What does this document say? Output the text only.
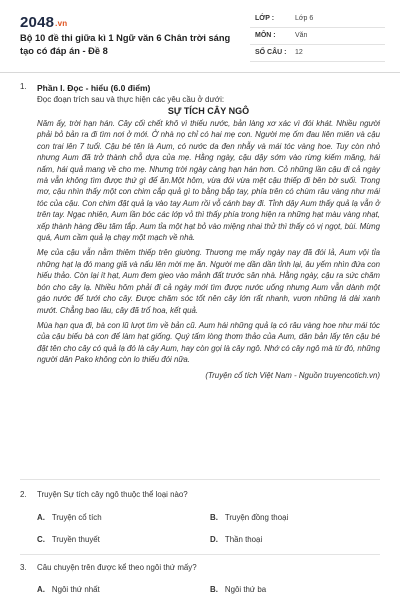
2048.vn
Bộ 10 đề thi giữa kì 1 Ngữ văn 6 Chân trời sáng tạo có đáp án - Đề 8
LỚP :	Lớp 6
MÔN :	Văn
SỐ CÂU : 12
1. Phần I. Đọc - hiểu (6.0 điểm)
Đọc đoạn trích sau và thực hiện các yêu cầu ở dưới:
SỰ TÍCH CÂY NGÔ

Năm ấy, trời hạn hán. Cây cối chết khô vì thiếu nước, bản làng xơ xác vì đói khát. Nhiều người phải bỏ bản ra đi tìm nơi ở mới. Ở nhà nọ chỉ có hai mẹ con. Người mẹ ốm đau liên miên và cậu con trai lên 7 tuổi. Cậu bé tên là Aum, có nước da đen nhẫy và mái tóc vàng hoe. Tuy còn nhỏ nhưng Aum đã trở thành chỗ dựa của mẹ. Hằng ngày, cậu dậy sớm vào rừng kiếm măng, hái nấm, hái quả mang về cho mẹ. Nhưng trời ngày càng hạn hán hơn. Cỏ những lần cậu đi cả ngày mà vẫn không tìm được thứ gì để ăn.Một hôm, vừa đói vừa mệt cậu thiếp đi bên bờ suối. Trong mơ, cậu nhìn thấy một con chim cắp quả gì to bằng bắp tay, phía trên có chùm râu vàng như mái tóc của cậu. Con chim đặt quả lạ vào tay Aum rồi vỗ cánh bay đi. Tỉnh dậy Aum thấy quả lạ vẫn ở trên tay. Ngạc nhiên, Aum lần bóc các lớp vỏ thì thấy phía trong hiện ra những hạt màu vàng nhạt, xếp thành hàng đều tăm tắp. Aum tỉa một hạt bỏ vào miệng nhai thử thì thấy có vị ngọt, bùi. Mừng quá, Aum cầm quả lạ chạy một mạch về nhà.

Mẹ của cậu vẫn nằm thiêm thiếp trên giường. Thương mẹ mấy ngày nay đã đói lả, Aum vội tỉa những hạt lạ đó mang giã và nấu lên mời mẹ ăn. Người mẹ dần dần tỉnh lại, âu yếm nhìn đứa con hiếu thảo. Còn lại ít hạt, Aum đem gieo vào mảnh đất trước sân nhà. Hằng ngày, cậu ra sức chăm bón cho cây lạ. Nhiều hôm phải đi cả ngày mới tìm được nước uống nhưng Aum vẫn dành một gáo nước để tưới cho cây. Được chăm sóc tốt nên cây lớn rất nhanh, vươn những lá dài xanh mướt. Chẳng bao lâu, cây đã trổ hoa, kết quả.

Mùa hạn qua đi, bà con lũ lượt tìm về bản cũ. Aum hái những quả lạ có râu vàng hoe như mái tóc của cậu biếu bà con để làm hạt giống. Quý tấm lòng thơm thảo của Aum, dân bản lấy tên cậu bé đặt tên cho cây có quả lạ đó là cây Aum, hay còn gọi là cây ngô. Nhớ có cây ngô mà từ đó, những người dân Pako không còn lo thiếu đói nữa.

(Truyện cổ tích Việt Nam - Nguồn truyencotich.vn)
2. Truyện Sự tích cây ngô thuộc thể loại nào?
A. Truyện cổ tích	B. Truyện đồng thoại
C. Truyền thuyết	D. Thần thoại
3. Câu chuyện trên được kể theo ngôi thứ mấy?
A. Ngôi thứ nhất	B. Ngôi thứ ba
